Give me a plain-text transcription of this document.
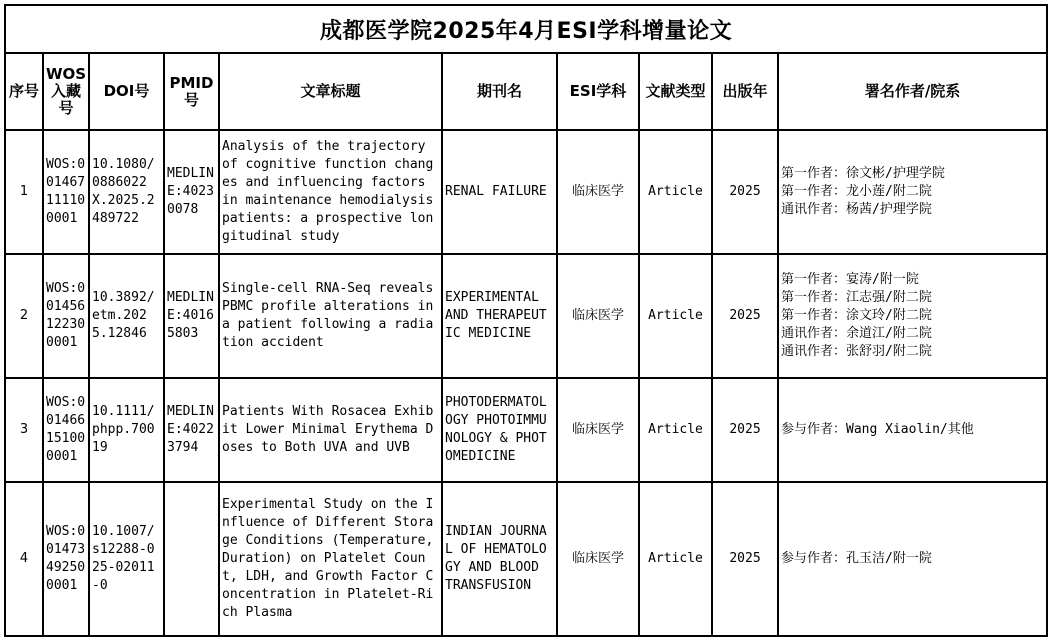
成都医学院2025年4月ESI学科增量论文									
序号	WOS入藏号	DOI号	PMID号	文章标题	期刊名	ESI学科	文献类型	出版年	署名作者/院系
1	WOS:001467111100001	10.1080/0886022X.2025.2489722	MEDLINE:40230078	Analysis of the trajectory of cognitive function changes and influencing factors in maintenance hemodialysis patients: a prospective longitudinal study	RENAL FAILURE	临床医学	Article	2025	第一作者：徐文彬/护理学院
第一作者：龙小莲/附二院
通讯作者：杨茜/护理学院

2	WOS:001456122300001	10.3892/etm.2025.12846	MEDLINE:40165803	Single‑cell RNA‑Seq reveals PBMC profile alterations in a patient following a radiation accident	EXPERIMENTAL AND THERAPEUTIC MEDICINE	临床医学	Article	2025	第一作者：宴涛/附一院
第一作者：江志强/附二院
第一作者：涂文玲/附二院
通讯作者：余道江/附二院
通讯作者：张舒羽/附二院

3	WOS:001466151000001	10.1111/phpp.70019	MEDLINE:40223794	Patients With Rosacea Exhibit Lower Minimal Erythema Doses to Both UVA and UVB	PHOTODERMATOLOGY PHOTOIMMUNOLOGY & PHOTOMEDICINE	临床医学	Article	2025	参与作者：Wang Xiaolin/其他

4	WOS:001473492500001	10.1007/s12288-025-02011-0		Experimental Study on the Influence of Different Storage Conditions (Temperature, Duration) on Platelet Count, LDH, and Growth Factor Concentration in Platelet-Rich Plasma	INDIAN JOURNAL OF HEMATOLOGY AND BLOOD TRANSFUSION	临床医学	Article	2025	参与作者：孔玉洁/附一院
